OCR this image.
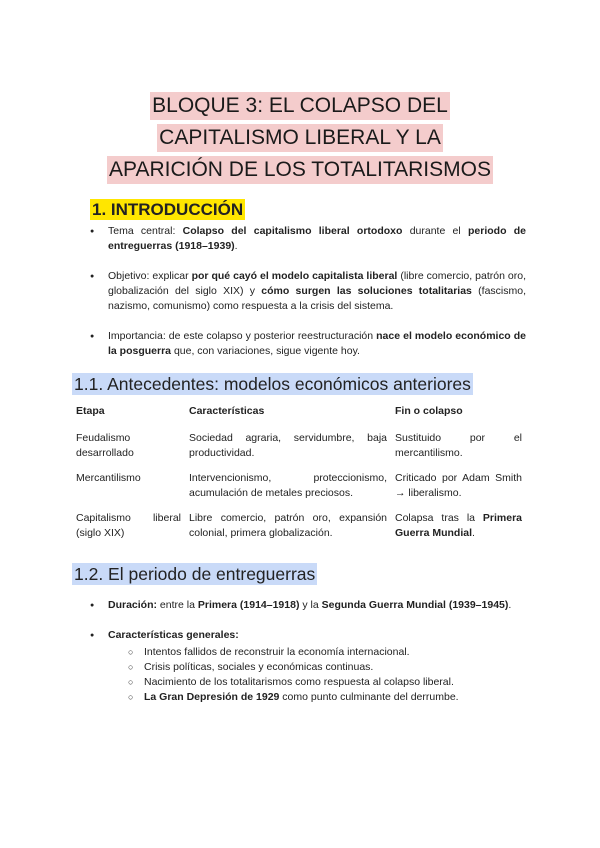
BLOQUE 3: EL COLAPSO DEL
CAPITALISMO LIBERAL Y LA
APARICIÓN DE LOS TOTALITARISMOS
1. INTRODUCCIÓN
● Tema central: Colapso del capitalismo liberal ortodoxo durante el periodo de entreguerras (1918–1939).
● Objetivo: explicar por qué cayó el modelo capitalista liberal (libre comercio, patrón oro, globalización del siglo XIX) y cómo surgen las soluciones totalitarias (fascismo, nazismo, comunismo) como respuesta a la crisis del sistema.
● Importancia: de este colapso y posterior reestructuración nace el modelo económico de la posguerra que, con variaciones, sigue vigente hoy.
1.1. Antecedentes: modelos económicos anteriores
Etapa	Características	Fin o colapso
Feudalismo desarrollado	Sociedad agraria, servidumbre, baja productividad.	Sustituido por el mercantilismo.
Mercantilismo	Intervencionismo, proteccionismo, acumulación de metales preciosos.	Criticado por Adam Smith → liberalismo.
Capitalismo liberal (siglo XIX)	Libre comercio, patrón oro, expansión colonial, primera globalización.	Colapsa tras la Primera Guerra Mundial.
1.2. El periodo de entreguerras
● Duración: entre la Primera (1914–1918) y la Segunda Guerra Mundial (1939–1945).
● Características generales:
○ Intentos fallidos de reconstruir la economía internacional.
○ Crisis políticas, sociales y económicas continuas.
○ Nacimiento de los totalitarismos como respuesta al colapso liberal.
○ La Gran Depresión de 1929 como punto culminante del derrumbe.
